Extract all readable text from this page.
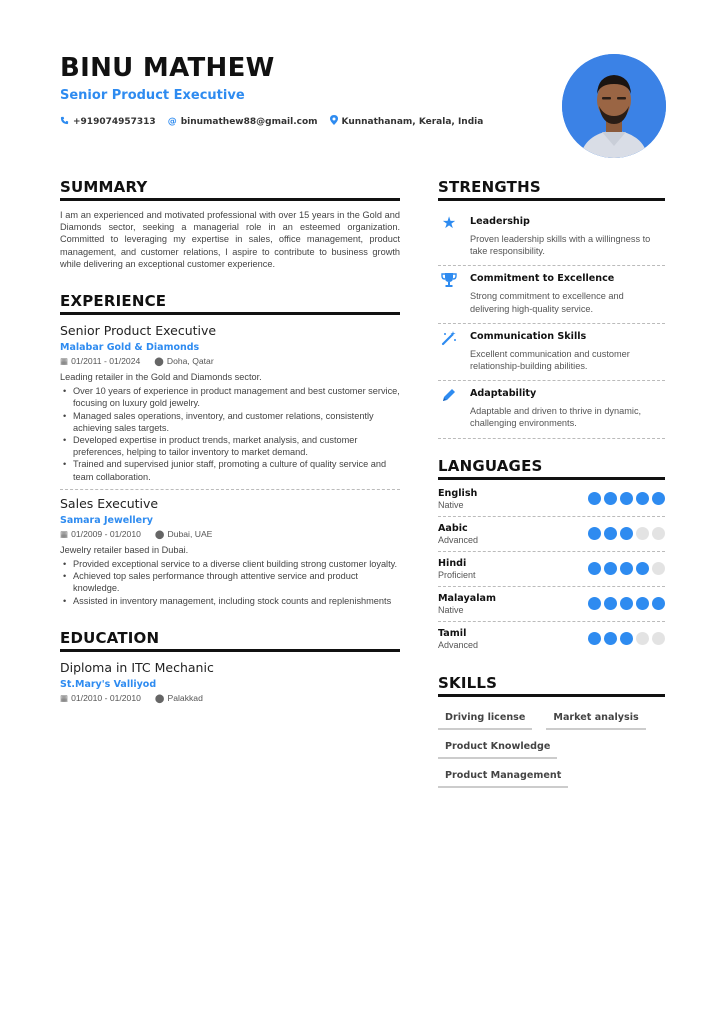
BINU MATHEW
Senior Product Executive
+919074957313 @ binumathew88@gmail.com	Kunnathanam, Kerala, India
SUMMARY
I am an experienced and motivated professional with over 15 years in the Gold and Diamonds sector, seeking a managerial role in an esteemed organization. Committed to leveraging my expertise in sales, office management, product management, and customer relations, I aspire to contribute to business growth while delivering an exceptional customer experience.
EXPERIENCE
Senior Product Executive
Malabar Gold & Diamonds
▦ 01/2011 - 01/2024 ⬤ Doha, Qatar
Leading retailer in the Gold and Diamonds sector.
• Over 10 years of experience in product management and best customer service, focusing on luxury gold jewelry.
• Managed sales operations, inventory, and customer relations, consistently achieving sales targets.
• Developed expertise in product trends, market analysis, and customer preferences, helping to tailor inventory to market demand.
• Trained and supervised junior staff, promoting a culture of quality service and team collaboration.
Sales Executive
Samara Jewellery
▦ 01/2009 - 01/2010 ⬤ Dubai, UAE
Jewelry retailer based in Dubai.
• Provided exceptional service to a diverse client building strong customer loyalty.
• Achieved top sales performance through attentive service and product knowledge.
• Assisted in inventory management, including stock counts and replenishments
EDUCATION
Diploma in ITC Mechanic
St.Mary's Valliyod
▦ 01/2010 - 01/2010 ⬤ Palakkad
STRENGTHS
★	Leadership
Proven leadership skills with a willingness to take responsibility.
Commitment to Excellence
Strong commitment to excellence and delivering high-quality service.
Communication Skills
Excellent communication and customer relationship-building abilities.
Adaptability
Adaptable and driven to thrive in dynamic, challenging environments.
LANGUAGES
English
Native
Aabic
Advanced
Hindi
Proficient
Malayalam
Native
Tamil
Advanced
SKILLS
Driving license	Market analysis
Product Knowledge
Product Management
